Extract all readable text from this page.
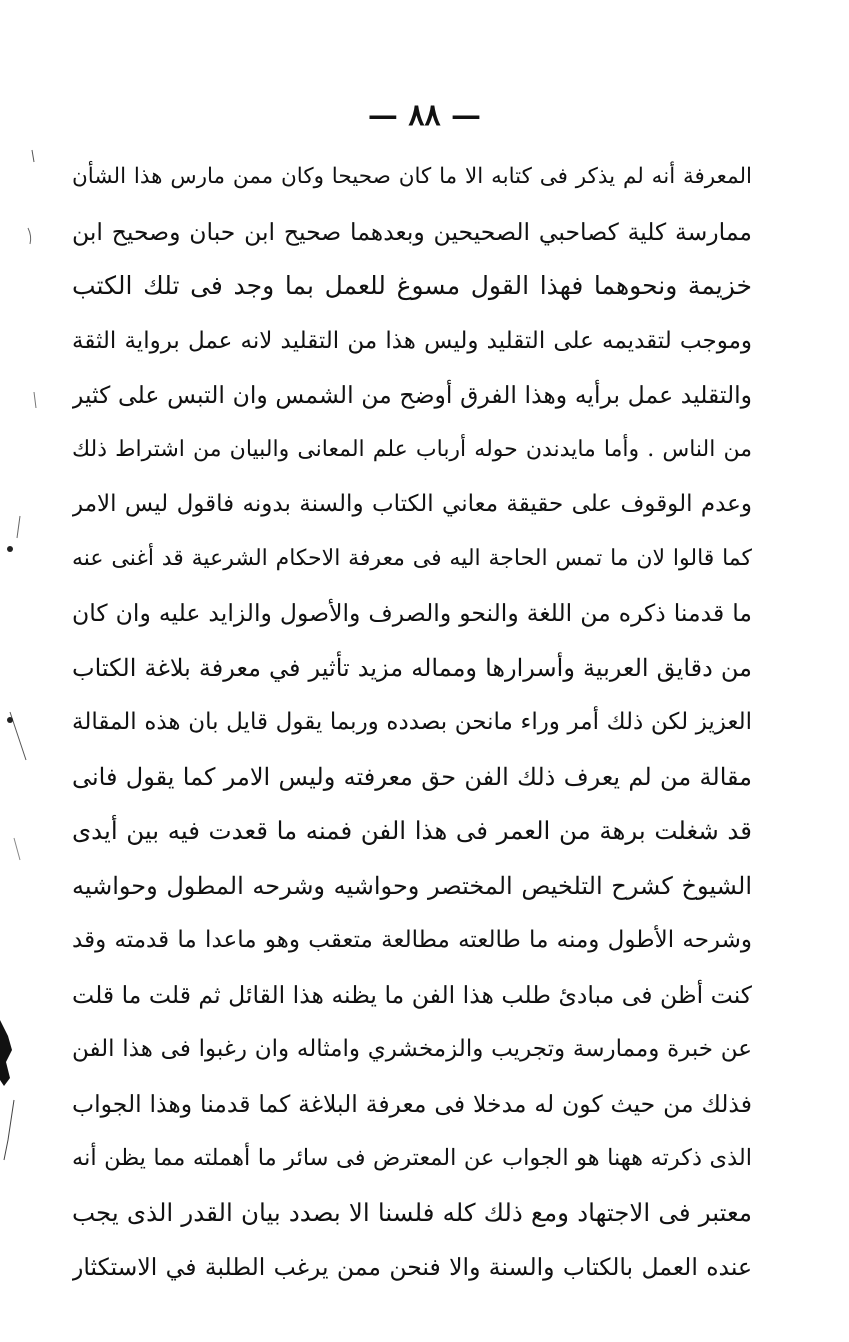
— ٨٨ —
المعرفة أنه لم يذكر فى كتابه الا ما كان صحيحا وكان ممن مارس هذا الشأن
ممارسة كلية كصاحبي الصحيحين وبعدهما صحيح ابن حبان وصحيح ابن
خزيمة ونحوهما فهذا القول مسوغ للعمل بما وجد فى تلك الكتب
وموجب لتقديمه على التقليد وليس هذا من التقليد لانه عمل برواية الثقة
والتقليد عمل برأيه وهذا الفرق أوضح من الشمس وان التبس على كثير
من الناس . وأما مايدندن حوله أرباب علم المعانى والبيان من اشتراط ذلك
وعدم الوقوف على حقيقة معاني الكتاب والسنة بدونه فاقول ليس الامر
كما قالوا لان ما تمس الحاجة اليه فى معرفة الاحكام الشرعية قد أغنى عنه
ما قدمنا ذكره من اللغة والنحو والصرف والأصول والزايد عليه وان كان
من دقايق العربية وأسرارها ومماله مزيد تأثير في معرفة بلاغة الكتاب
العزيز لكن ذلك أمر وراء مانحن بصدده وربما يقول قايل بان هذه المقالة
مقالة من لم يعرف ذلك الفن حق معرفته وليس الامر كما يقول فانى
قد شغلت برهة من العمر فى هذا الفن فمنه ما قعدت فيه بين أيدى
الشيوخ كشرح التلخيص المختصر وحواشيه وشرحه المطول وحواشيه
وشرحه الأطول ومنه ما طالعته مطالعة متعقب وهو ماعدا ما قدمته وقد
كنت أظن فى مبادئ طلب هذا الفن ما يظنه هذا القائل ثم قلت ما قلت
عن خبرة وممارسة وتجريب والزمخشري وامثاله وان رغبوا فى هذا الفن
فذلك من حيث كون له مدخلا فى معرفة البلاغة كما قدمنا وهذا الجواب
الذى ذكرته ههنا هو الجواب عن المعترض فى سائر ما أهملته مما يظن أنه
معتبر فى الاجتهاد ومع ذلك كله فلسنا الا بصدد بيان القدر الذى يجب
عنده العمل بالكتاب والسنة والا فنحن ممن يرغب الطلبة في الاستكثار
